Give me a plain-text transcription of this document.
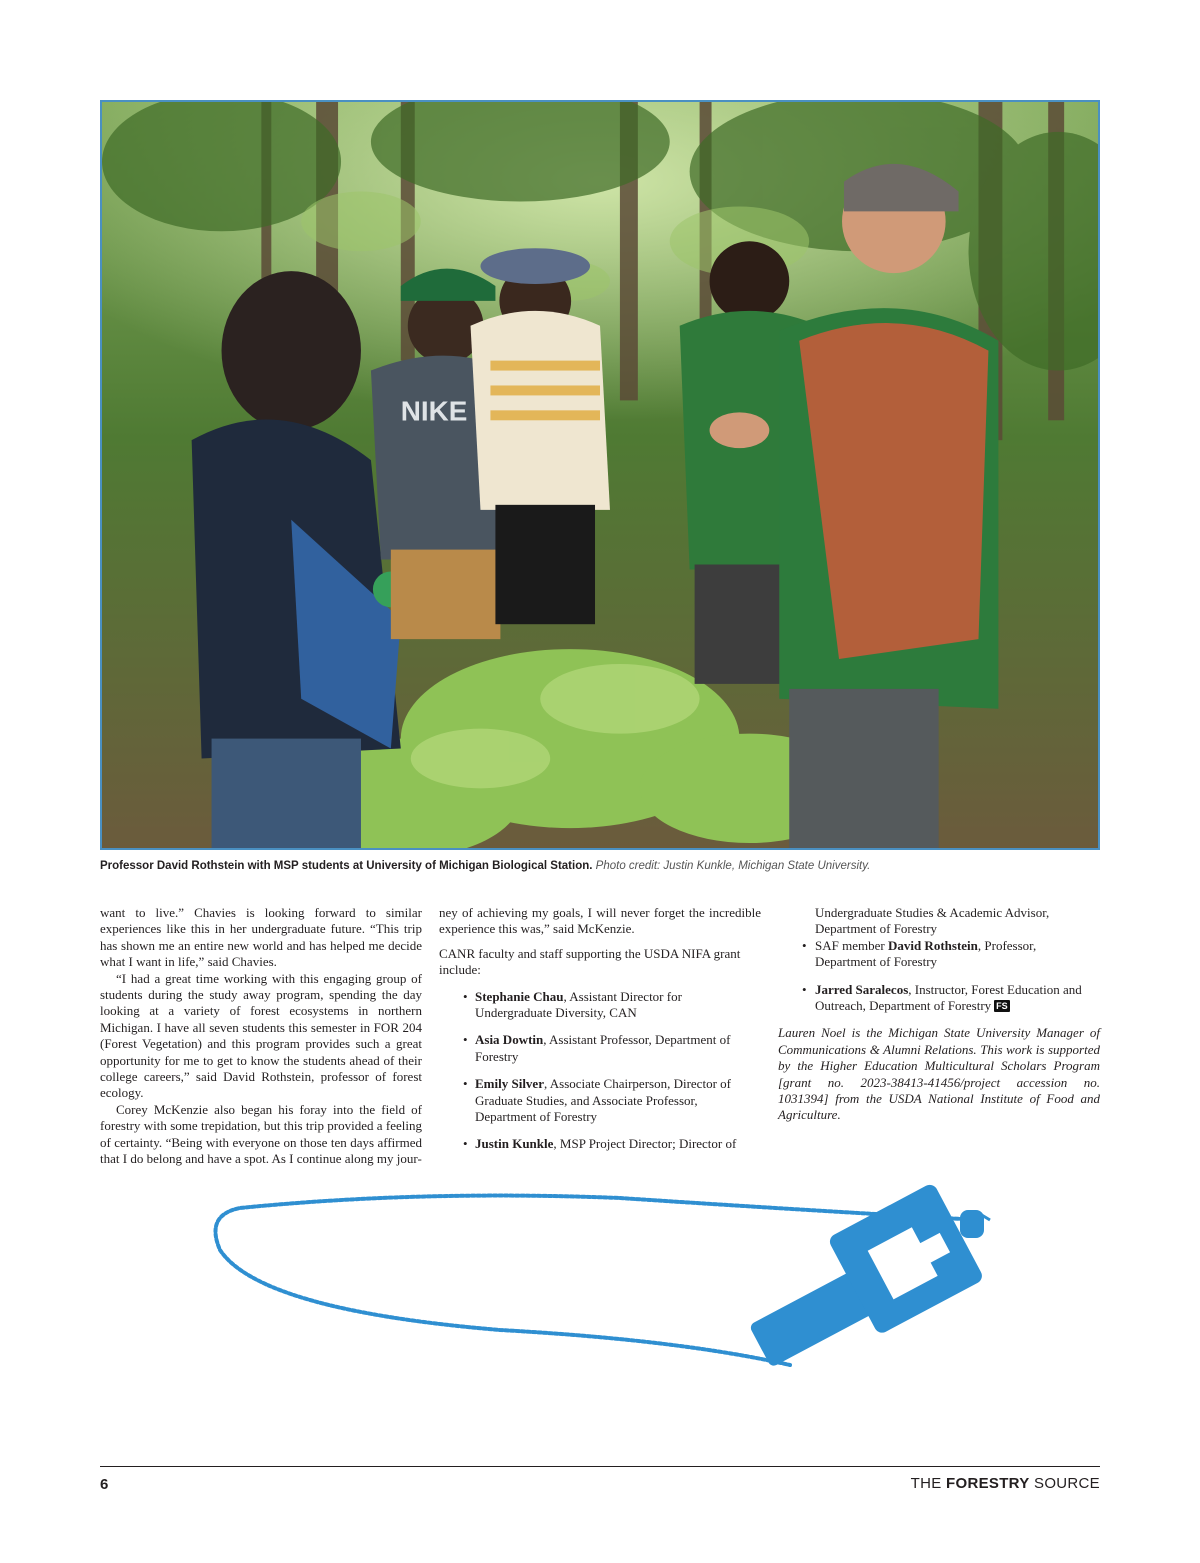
NIKE
Professor David Rothstein with MSP students at University of Michigan Biological Station. Photo credit: Justin Kunkle, Michigan State University.

want to live.” Chavies is looking forward to similar experiences like this in her undergraduate future. “This trip has shown me an entire new world and has helped me decide what I want in life,” said Chavies.

“I had a great time working with this engaging group of students during the study away program, spending the day looking at a variety of forest ecosystems in northern Michigan. I have all seven students this semester in FOR 204 (Forest Vegetation) and this program provides such a great opportunity for me to get to know the students ahead of their college careers,” said David Rothstein, professor of forest ecology.

Corey McKenzie also began his foray into the field of forestry with some trepidation, but this trip provided a feeling of certainty. “Being with everyone on those ten days affirmed that I do belong and have a spot. As I continue along my jour-

ney of achieving my goals, I will never forget the incredible experience this was,” said McKenzie.

CANR faculty and staff supporting the USDA NIFA grant include:

• Stephanie Chau, Assistant Director for Undergraduate Diversity, CAN
• Asia Dowtin, Assistant Professor, Department of Forestry
• Emily Silver, Associate Chairperson, Director of Graduate Studies, and Associate Professor, Department of Forestry
• Justin Kunkle, MSP Project Director; Director of

Undergraduate Studies & Academic Advisor, Department of Forestry

• SAF member David Rothstein, Professor, Department of Forestry
• Jarred Saralecos, Instructor, Forest Education and Outreach, Department of Forestry FS

Lauren Noel is the Michigan State University Manager of Communications & Alumni Relations. This work is supported by the Higher Education Multicultural Scholars Program [grant no. 2023-38413-41456/project accession no. 1031394] from the USDA National Institute of Food and Agriculture.

6	THE FORESTRY SOURCE
